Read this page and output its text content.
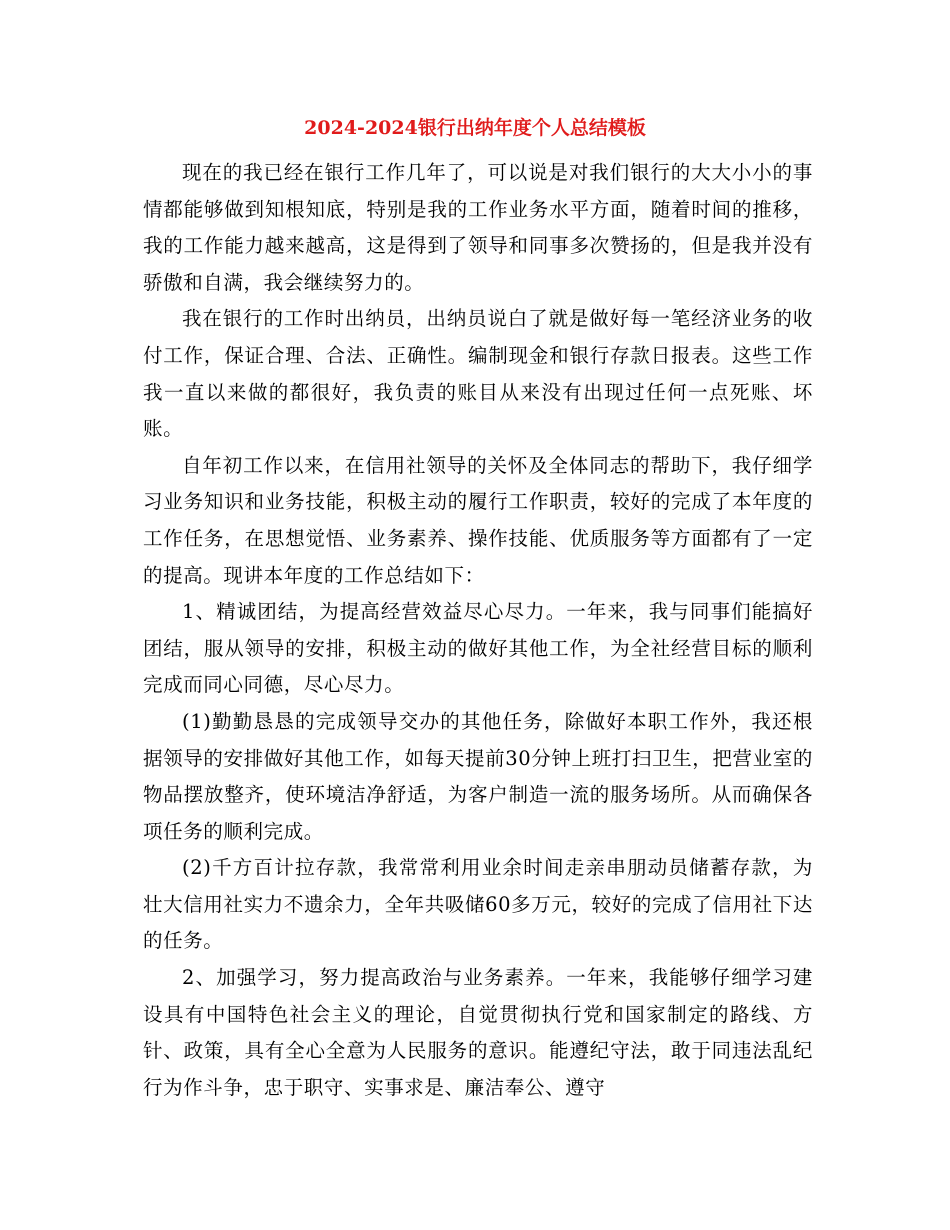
2024-2024银行出纳年度个人总结模板

现在的我已经在银行工作几年了，可以说是对我们银行的大大小小的事情都能够做到知根知底，特别是我的工作业务水平方面，随着时间的推移，我的工作能力越来越高，这是得到了领导和同事多次赞扬的，但是我并没有骄傲和自满，我会继续努力的。

我在银行的工作时出纳员，出纳员说白了就是做好每一笔经济业务的收付工作，保证合理、合法、正确性。编制现金和银行存款日报表。这些工作我一直以来做的都很好，我负责的账目从来没有出现过任何一点死账、坏账。

自年初工作以来，在信用社领导的关怀及全体同志的帮助下，我仔细学习业务知识和业务技能，积极主动的履行工作职责，较好的完成了本年度的工作任务，在思想觉悟、业务素养、操作技能、优质服务等方面都有了一定的提高。现讲本年度的工作总结如下：

1、精诚团结，为提高经营效益尽心尽力。一年来，我与同事们能搞好团结，服从领导的安排，积极主动的做好其他工作，为全社经营目标的顺利完成而同心同德，尽心尽力。

(1)勤勤恳恳的完成领导交办的其他任务，除做好本职工作外，我还根据领导的安排做好其他工作，如每天提前30分钟上班打扫卫生，把营业室的物品摆放整齐，使环境洁净舒适，为客户制造一流的服务场所。从而确保各项任务的顺利完成。

(2)千方百计拉存款，我常常利用业余时间走亲串朋动员储蓄存款，为壮大信用社实力不遗余力，全年共吸储60多万元，较好的完成了信用社下达的任务。

2、加强学习，努力提高政治与业务素养。一年来，我能够仔细学习建设具有中国特色社会主义的理论，自觉贯彻执行党和国家制定的路线、方针、政策，具有全心全意为人民服务的意识。能遵纪守法，敢于同违法乱纪行为作斗争，忠于职守、实事求是、廉洁奉公、遵守
